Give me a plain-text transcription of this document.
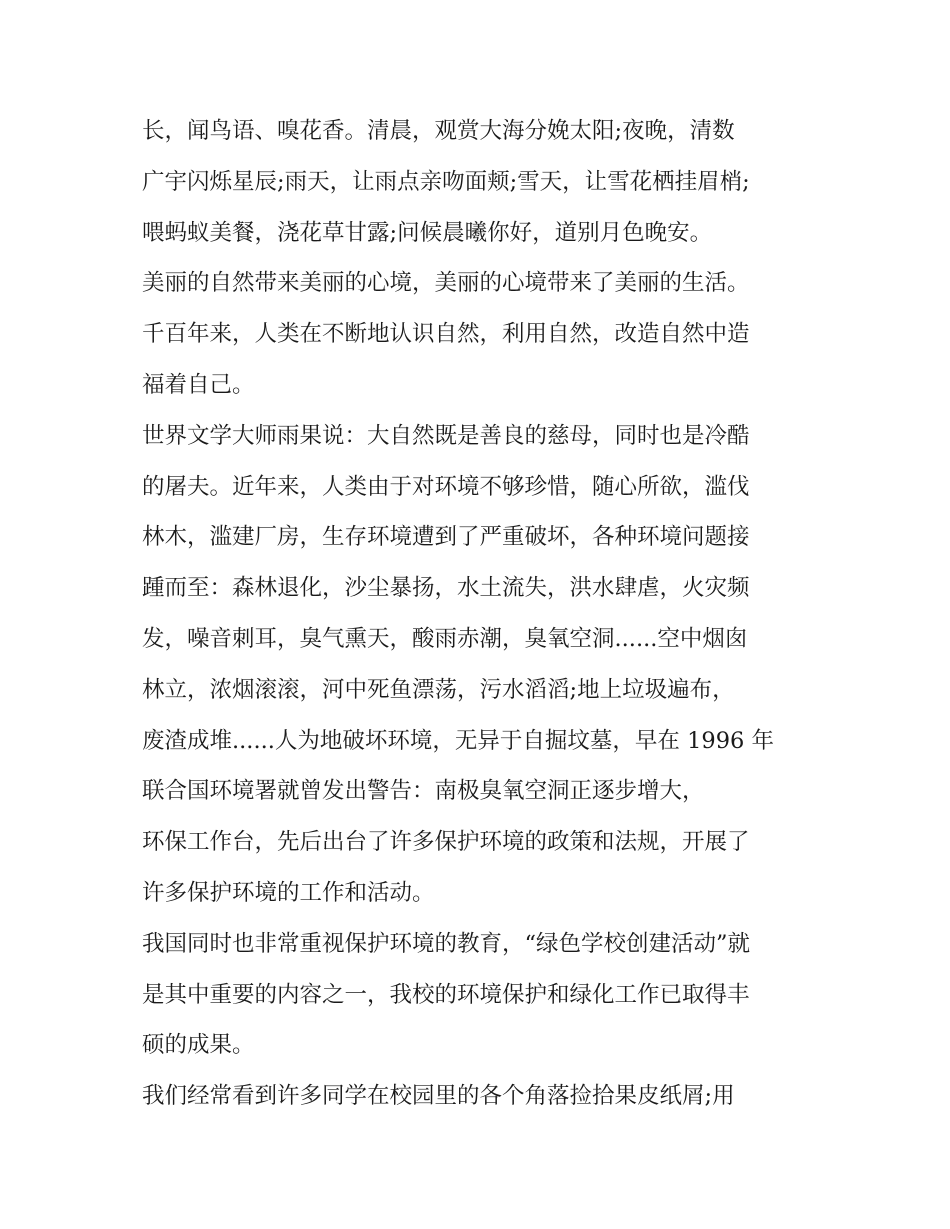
长，闻鸟语、嗅花香。清晨，观赏大海分娩太阳;夜晚，清数
广宇闪烁星辰;雨天，让雨点亲吻面颊;雪天，让雪花栖挂眉梢;
喂蚂蚁美餐，浇花草甘露;问候晨曦你好，道别月色晚安。
美丽的自然带来美丽的心境，美丽的心境带来了美丽的生活。
千百年来，人类在不断地认识自然，利用自然，改造自然中造
福着自己。
世界文学大师雨果说：大自然既是善良的慈母，同时也是冷酷
的屠夫。近年来，人类由于对环境不够珍惜，随心所欲，滥伐
林木，滥建厂房，生存环境遭到了严重破坏，各种环境问题接
踵而至：森林退化，沙尘暴扬，水土流失，洪水肆虐，火灾频
发，噪音刺耳，臭气熏天，酸雨赤潮，臭氧空洞......空中烟囱
林立，浓烟滚滚，河中死鱼漂荡，污水滔滔;地上垃圾遍布，
废渣成堆......人为地破坏环境，无异于自掘坟墓，早在 1996 年
联合国环境署就曾发出警告：南极臭氧空洞正逐步增大，
环保工作台，先后出台了许多保护环境的政策和法规，开展了
许多保护环境的工作和活动。
我国同时也非常重视保护环境的教育，“绿色学校创建活动”就
是其中重要的内容之一，我校的环境保护和绿化工作已取得丰
硕的成果。
我们经常看到许多同学在校园里的各个角落捡拾果皮纸屑;用
